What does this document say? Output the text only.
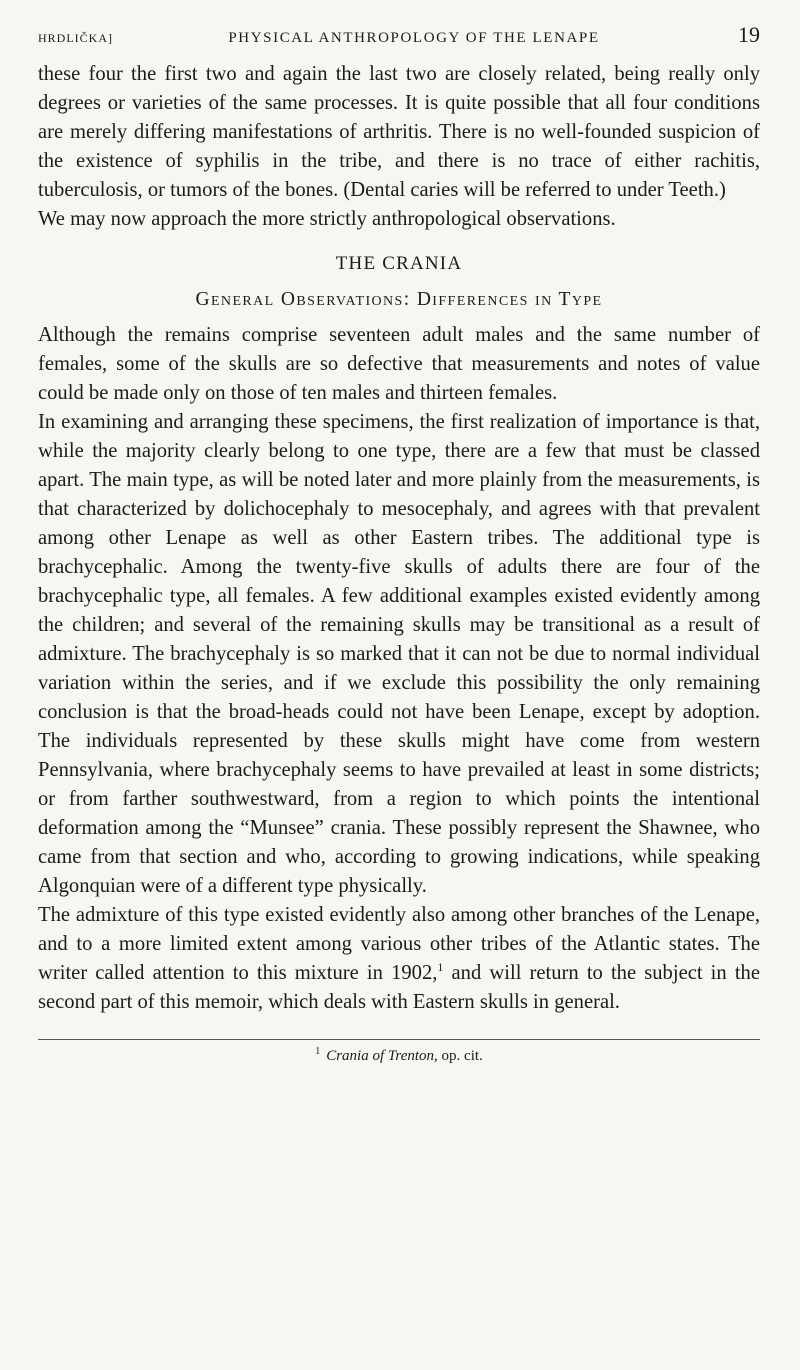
HRDLIČKA]	PHYSICAL ANTHROPOLOGY OF THE LENAPE	19

these four the first two and again the last two are closely related, being really only degrees or varieties of the same processes. It is quite possible that all four conditions are merely differing manifestations of arthritis. There is no well-founded suspicion of the existence of syphilis in the tribe, and there is no trace of either rachitis, tuberculosis, or tumors of the bones. (Dental caries will be referred to under Teeth.)

We may now approach the more strictly anthropological observations.

THE CRANIA
General Observations: Differences in Type

Although the remains comprise seventeen adult males and the same number of females, some of the skulls are so defective that measurements and notes of value could be made only on those of ten males and thirteen females.

In examining and arranging these specimens, the first realization of importance is that, while the majority clearly belong to one type, there are a few that must be classed apart. The main type, as will be noted later and more plainly from the measurements, is that characterized by dolichocephaly to mesocephaly, and agrees with that prevalent among other Lenape as well as other Eastern tribes. The additional type is brachycephalic. Among the twenty-five skulls of adults there are four of the brachycephalic type, all females. A few additional examples existed evidently among the children; and several of the remaining skulls may be transitional as a result of admixture. The brachycephaly is so marked that it can not be due to normal individual variation within the series, and if we exclude this possibility the only remaining conclusion is that the broad-heads could not have been Lenape, except by adoption. The individuals represented by these skulls might have come from western Pennsylvania, where brachycephaly seems to have prevailed at least in some districts; or from farther southwestward, from a region to which points the intentional deformation among the “Munsee” crania. These possibly represent the Shawnee, who came from that section and who, according to growing indications, while speaking Algonquian were of a different type physically.

The admixture of this type existed evidently also among other branches of the Lenape, and to a more limited extent among various other tribes of the Atlantic states. The writer called attention to this mixture in 1902,$^1$ and will return to the subject in the second part of this memoir, which deals with Eastern skulls in general.

$^1$ Crania of Trenton, op. cit.
